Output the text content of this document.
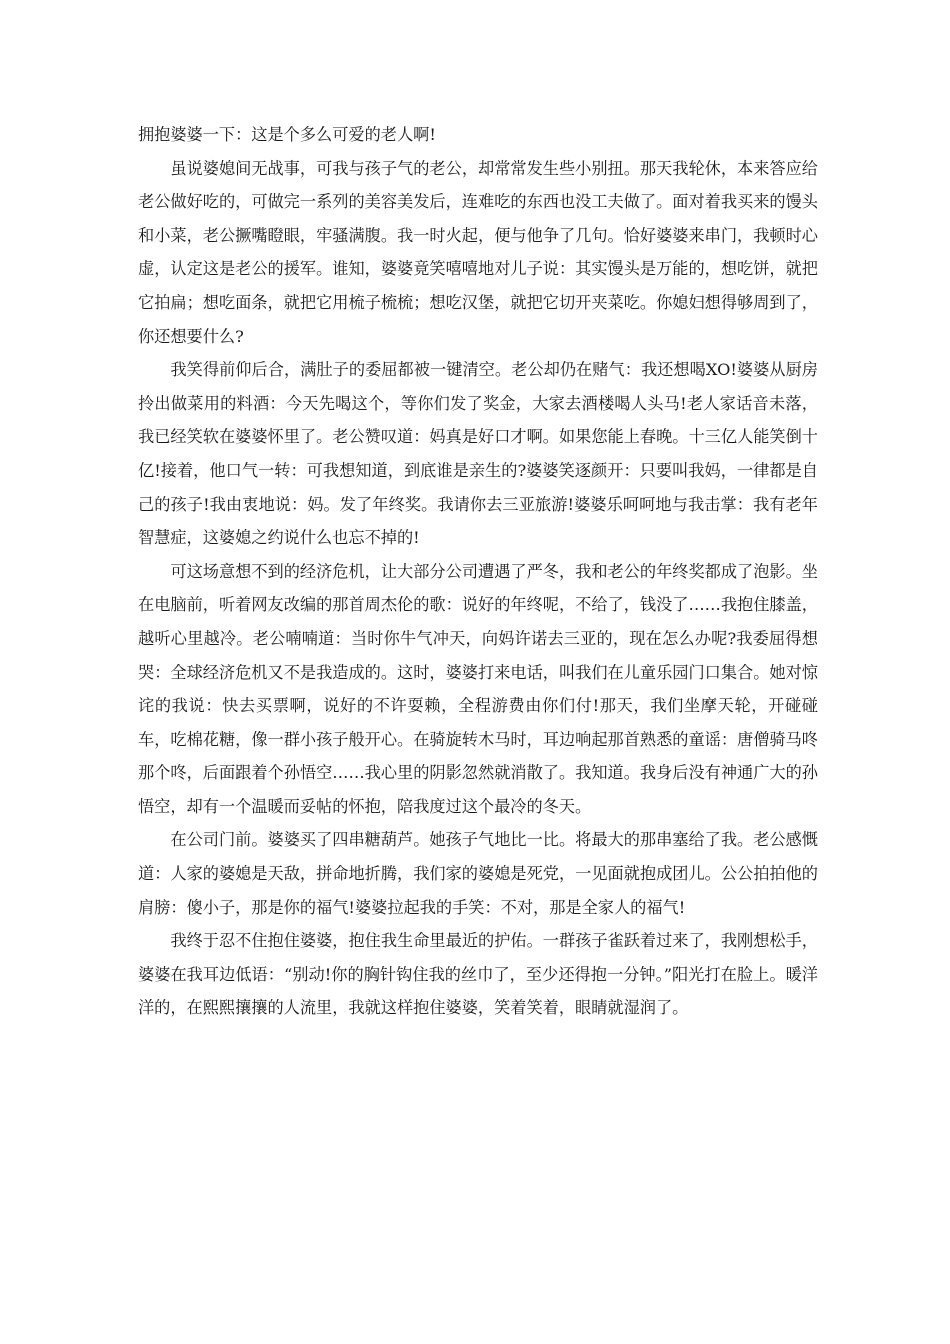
拥抱婆婆一下：这是个多么可爱的老人啊!

虽说婆媳间无战事，可我与孩子气的老公，却常常发生些小别扭。那天我轮休，本来答应给老公做好吃的，可做完一系列的美容美发后，连难吃的东西也没工夫做了。面对着我买来的馒头和小菜，老公撅嘴瞪眼，牢骚满腹。我一时火起，便与他争了几句。恰好婆婆来串门，我顿时心虚，认定这是老公的援军。谁知，婆婆竟笑嘻嘻地对儿子说：其实馒头是万能的，想吃饼，就把它拍扁；想吃面条，就把它用梳子梳梳；想吃汉堡，就把它切开夹菜吃。你媳妇想得够周到了，你还想要什么?

我笑得前仰后合，满肚子的委屈都被一键清空。老公却仍在赌气：我还想喝XO!婆婆从厨房拎出做菜用的料酒：今天先喝这个，等你们发了奖金，大家去酒楼喝人头马!老人家话音未落，我已经笑软在婆婆怀里了。老公赞叹道：妈真是好口才啊。如果您能上春晚。十三亿人能笑倒十亿!接着，他口气一转：可我想知道，到底谁是亲生的?婆婆笑逐颜开：只要叫我妈，一律都是自己的孩子!我由衷地说：妈。发了年终奖。我请你去三亚旅游!婆婆乐呵呵地与我击掌：我有老年智慧症，这婆媳之约说什么也忘不掉的!

可这场意想不到的经济危机，让大部分公司遭遇了严冬，我和老公的年终奖都成了泡影。坐在电脑前，听着网友改编的那首周杰伦的歌：说好的年终呢，不给了，钱没了……我抱住膝盖，越听心里越冷。老公喃喃道：当时你牛气冲天，向妈许诺去三亚的，现在怎么办呢?我委屈得想哭：全球经济危机又不是我造成的。这时，婆婆打来电话，叫我们在儿童乐园门口集合。她对惊诧的我说：快去买票啊，说好的不许耍赖，全程游费由你们付!那天，我们坐摩天轮，开碰碰车，吃棉花糖，像一群小孩子般开心。在骑旋转木马时，耳边响起那首熟悉的童谣：唐僧骑马咚那个咚，后面跟着个孙悟空……我心里的阴影忽然就消散了。我知道。我身后没有神通广大的孙悟空，却有一个温暖而妥帖的怀抱，陪我度过这个最冷的冬天。

在公司门前。婆婆买了四串糖葫芦。她孩子气地比一比。将最大的那串塞给了我。老公感慨道：人家的婆媳是天敌，拼命地折腾，我们家的婆媳是死党，一见面就抱成团儿。公公拍拍他的肩膀：傻小子，那是你的福气!婆婆拉起我的手笑：不对，那是全家人的福气!

我终于忍不住抱住婆婆，抱住我生命里最近的护佑。一群孩子雀跃着过来了，我刚想松手，婆婆在我耳边低语：“别动!你的胸针钩住我的丝巾了，至少还得抱一分钟。”阳光打在脸上。暖洋洋的，在熙熙攘攘的人流里，我就这样抱住婆婆，笑着笑着，眼睛就湿润了。
